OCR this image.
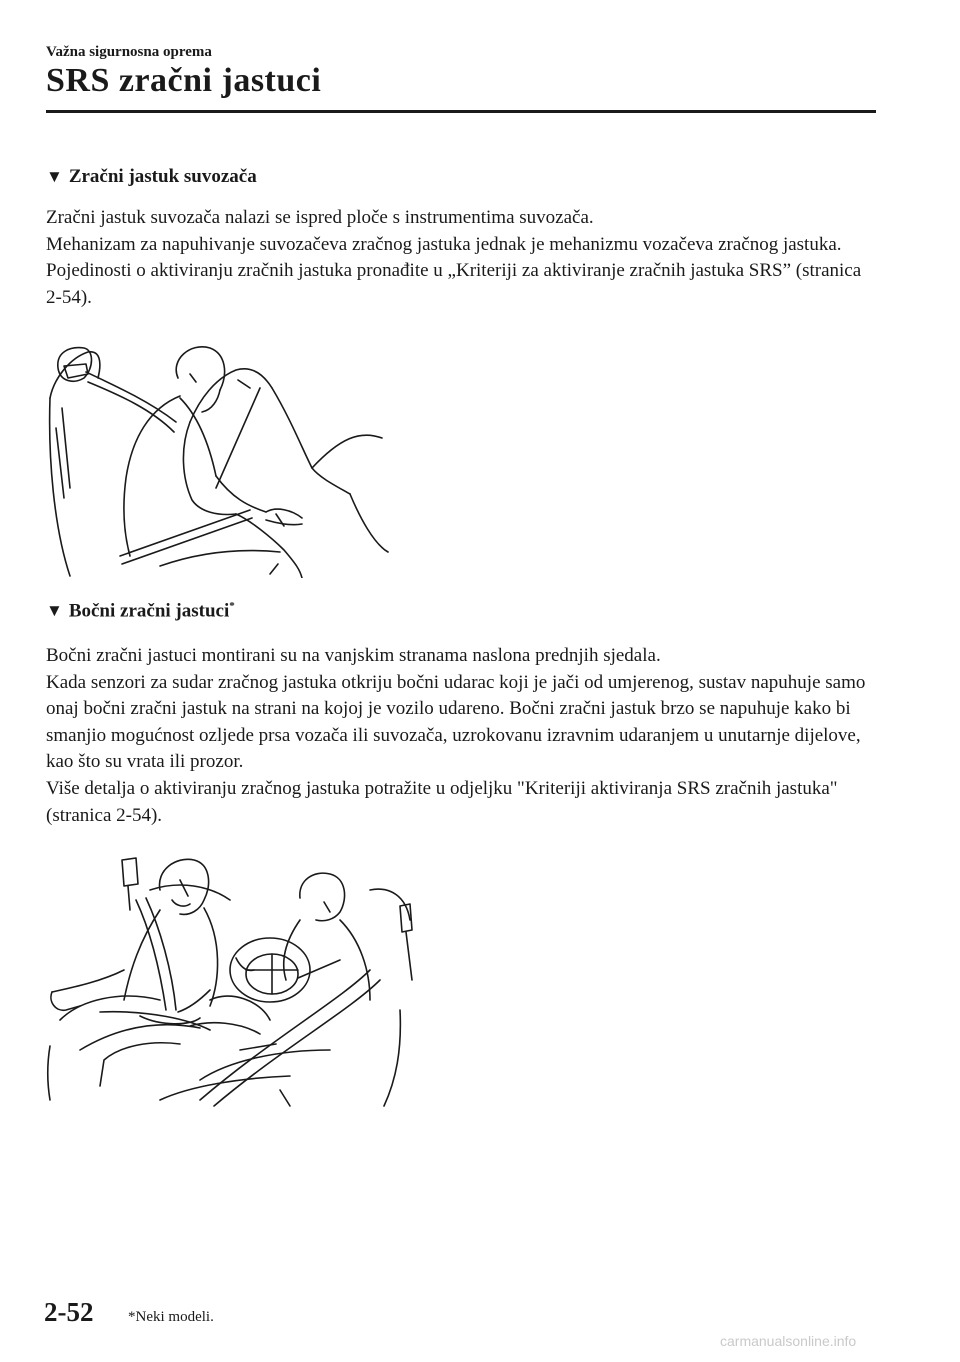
Važna sigurnosna oprema
SRS zračni jastuci
▼ Zračni jastuk suvozača

Zračni jastuk suvozača nalazi se ispred ploče s instrumentima suvozača.

Mehanizam za napuhivanje suvozačeva zračnog jastuka jednak je mehanizmu vozačeva zračnog jastuka.

Pojedinosti o aktiviranju zračnih jastuka pronađite u „Kriteriji za aktiviranje zračnih jastuka SRS” (stranica 2-54).

▼ Bočni zračni jastuci*

Bočni zračni jastuci montirani su na vanjskim stranama naslona prednjih sjedala.

Kada senzori za sudar zračnog jastuka otkriju bočni udarac koji je jači od umjerenog, sustav napuhuje samo onaj bočni zračni jastuk na strani na kojoj je vozilo udareno. Bočni zračni jastuk brzo se napuhuje kako bi smanjio mogućnost ozljede prsa vozača ili suvozača, uzrokovanu izravnim udaranjem u unutarnje dijelove, kao što su vrata ili prozor.

Više detalja o aktiviranju zračnog jastuka potražite u odjeljku "Kriteriji aktiviranja SRS zračnih jastuka" (stranica 2-54).

2-52 *Neki modeli.
carmanualsonline.info
